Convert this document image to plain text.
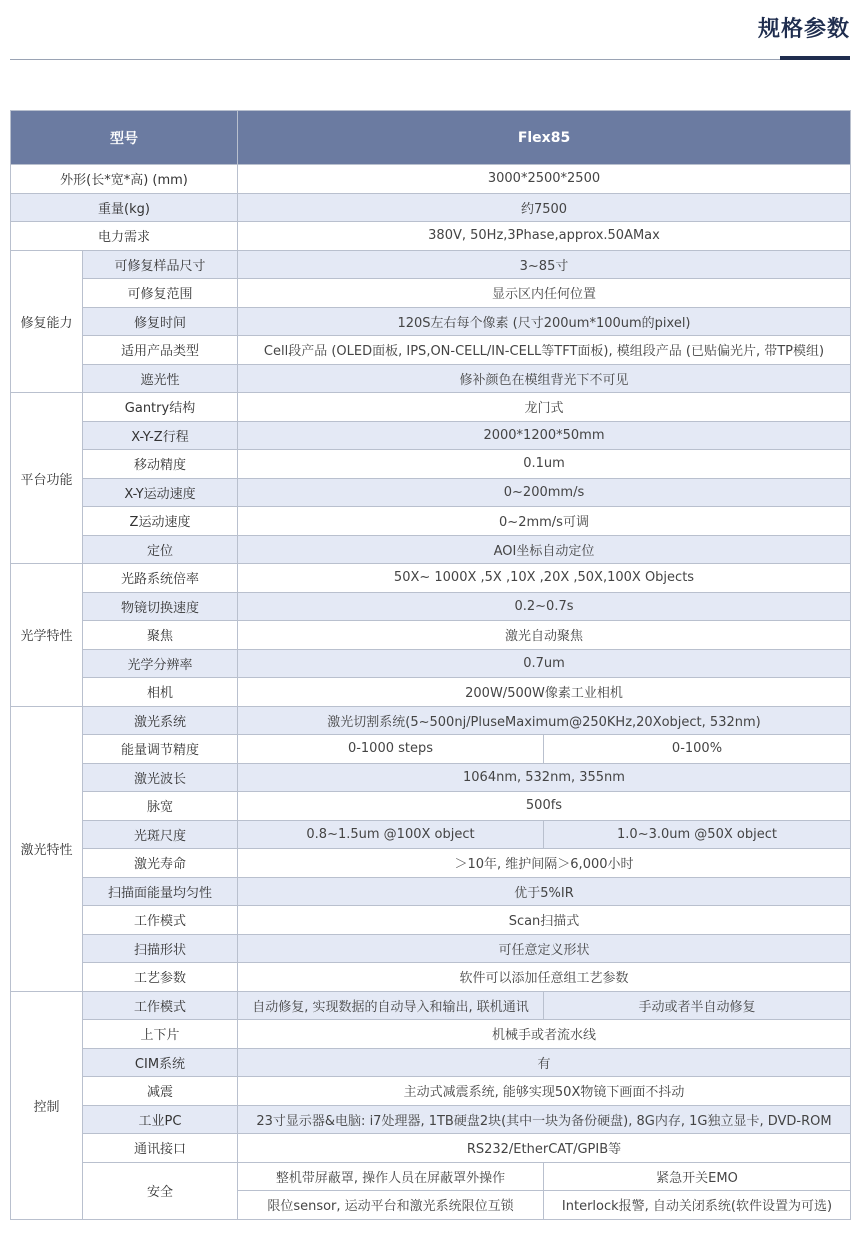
规格参数
型号		Flex85	
外形(长*宽*高) (mm)		3000*2500*2500	
重量(kg)		约7500	
电力需求		380V, 50Hz,3Phase,approx.50AMax	
修复能力	可修复样品尺寸	3~85寸	
	可修复范围	显示区内任何位置	
	修复时间	120S左右每个像素 (尺寸200um*100um的pixel)	
	适用产品类型	Cell段产品 (OLED面板, IPS,ON-CELL/IN-CELL等TFT面板), 模组段产品 (已贴偏光片, 带TP模组)	
	遮光性	修补颜色在模组背光下不可见	
平台功能	Gantry结构	龙门式	
	X-Y-Z行程	2000*1200*50mm	
	移动精度	0.1um	
	X-Y运动速度	0~200mm/s	
	Z运动速度	0~2mm/s可调	
	定位	AOI坐标自动定位	
光学特性	光路系统倍率	50X~ 1000X ,5X ,10X ,20X ,50X,100X Objects	
	物镜切换速度	0.2~0.7s	
	聚焦	激光自动聚焦	
	光学分辨率	0.7um	
	相机	200W/500W像素工业相机	
激光特性	激光系统	激光切割系统(5~500nj/PluseMaximum@250KHz,20Xobject, 532nm)	
	能量调节精度	0-1000 steps	0-100%
	激光波长	1064nm, 532nm, 355nm	
	脉宽	500fs	
	光斑尺度	0.8~1.5um @100X object	1.0~3.0um @50X object
	激光寿命	＞10年, 维护间隔＞6,000小时	
	扫描面能量均匀性	优于5%IR	
	工作模式	Scan扫描式	
	扫描形状	可任意定义形状	
	工艺参数	软件可以添加任意组工艺参数	
控制	工作模式	自动修复, 实现数据的自动导入和输出, 联机通讯	手动或者半自动修复
	上下片	机械手或者流水线	
	CIM系统	有	
	减震	主动式减震系统, 能够实现50X物镜下画面不抖动	
	工业PC	23寸显示器&电脑: i7处理器, 1TB硬盘2块(其中一块为备份硬盘), 8G内存, 1G独立显卡, DVD-ROM	
	通讯接口	RS232/EtherCAT/GPIB等	
	安全	整机带屏蔽罩, 操作人员在屏蔽罩外操作	紧急开关EMO
		限位sensor, 运动平台和激光系统限位互锁	Interlock报警, 自动关闭系统(软件设置为可选)
